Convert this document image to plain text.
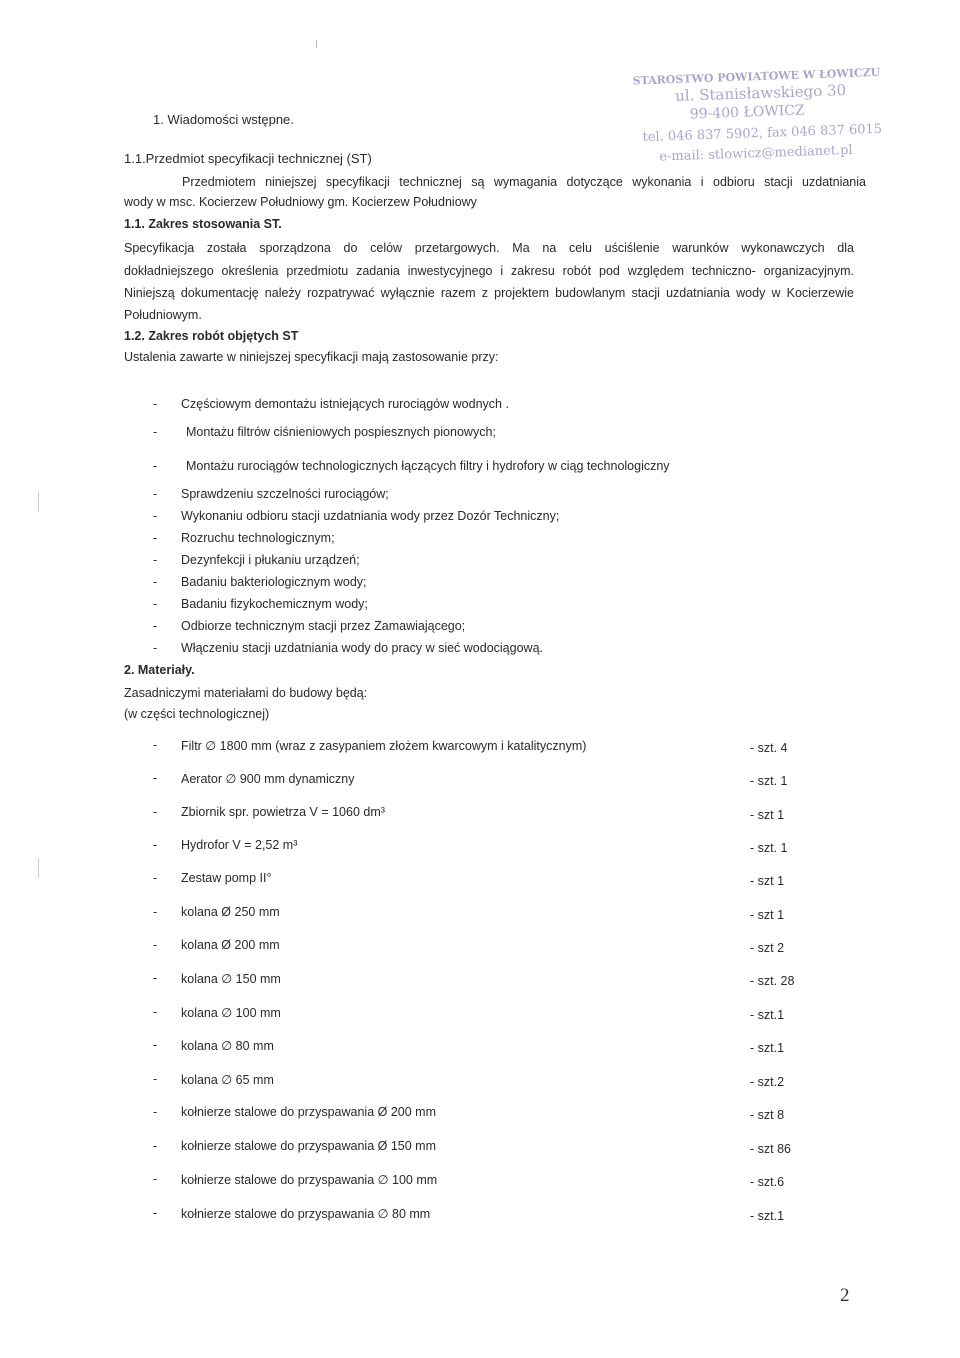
STAROSTWO POWIATOWE W ŁOWICZU
ul. Stanisławskiego 30
99-400 ŁOWICZ
tel. 046 837 5902, fax 046 837 6015
e-mail: stlowicz@medianet.pl
1. Wiadomości wstępne.
1.1.Przedmiot specyfikacji technicznej (ST)
Przedmiotem niniejszej specyfikacji technicznej są wymagania dotyczące wykonania i odbioru stacji uzdatniania
wody w msc. Kocierzew Południowy gm. Kocierzew Południowy
1.1. Zakres stosowania ST.
Specyfikacja została sporządzona do celów przetargowych. Ma na celu uściślenie warunków wykonawczych dla
dokładniejszego określenia przedmiotu zadania inwestycyjnego i zakresu robót pod względem techniczno- organizacyjnym.
Niniejszą dokumentację należy rozpatrywać wyłącznie razem z projektem budowlanym stacji uzdatniania wody w Kocierzewie
Południowym.
1.2. Zakres robót objętych ST
Ustalenia zawarte w niniejszej specyfikacji mają zastosowanie przy:
- Częściowym demontażu istniejących rurociągów wodnych .
- Montażu filtrów ciśnieniowych pospiesznych pionowych;
- Montażu rurociągów technologicznych łączących filtry i hydrofory w ciąg technologiczny
- Sprawdzeniu szczelności rurociągów;
- Wykonaniu odbioru stacji uzdatniania wody przez Dozór Techniczny;
- Rozruchu technologicznym;
- Dezynfekcji i płukaniu urządzeń;
- Badaniu bakteriologicznym wody;
- Badaniu fizykochemicznym wody;
- Odbiorze technicznym stacji przez Zamawiającego;
- Włączeniu stacji uzdatniania wody do pracy w sieć wodociągową.
2. Materiały.
Zasadniczymi materiałami do budowy będą:
(w części technologicznej)
- Filtr ∅ 1800 mm (wraz z zasypaniem złożem kwarcowym i katalitycznym)	- szt. 4
- Aerator ∅ 900 mm dynamiczny	- szt. 1
- Zbiornik spr. powietrza V = 1060 dm³	- szt 1
- Hydrofor V = 2,52 m³	- szt. 1
- Zestaw pomp II°	- szt 1
- kolana Ø 250 mm	- szt 1
- kolana Ø 200 mm	- szt 2
- kolana ∅ 150 mm	- szt. 28
- kolana ∅ 100 mm	- szt.1
- kolana ∅ 80 mm	- szt.1
- kolana ∅ 65 mm	- szt.2
- kołnierze stalowe do przyspawania Ø 200 mm	- szt 8
- kołnierze stalowe do przyspawania Ø 150 mm	- szt 86
- kołnierze stalowe do przyspawania ∅ 100 mm	- szt.6
- kołnierze stalowe do przyspawania ∅ 80 mm	- szt.1
2
